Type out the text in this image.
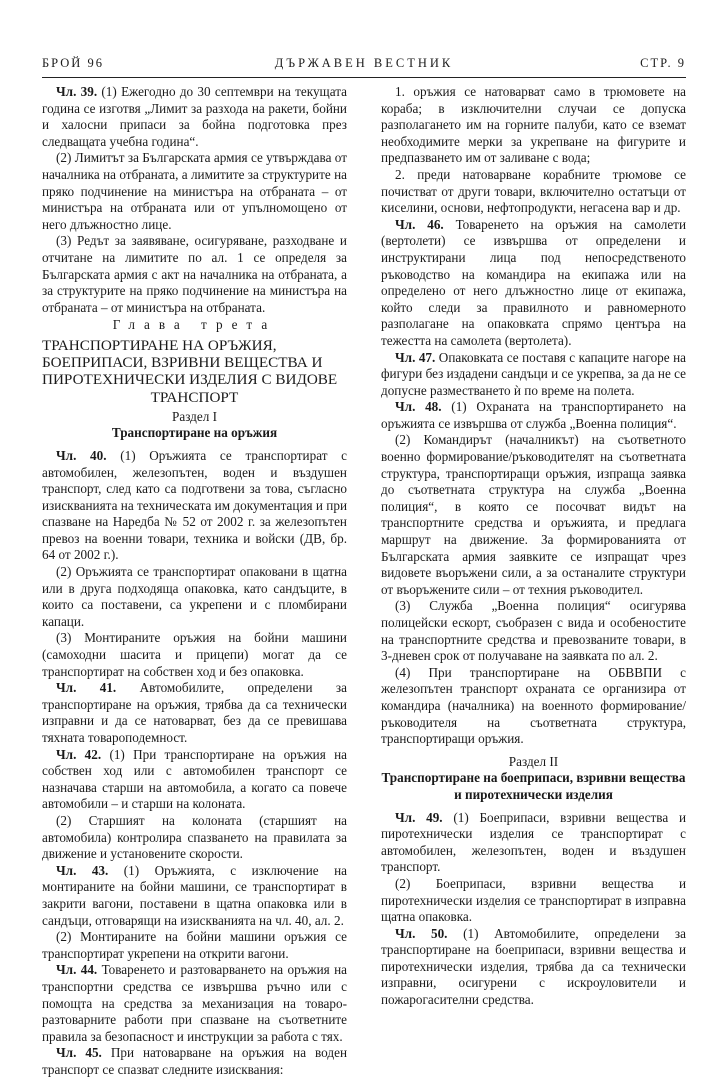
БРОЙ 96	ДЪРЖАВЕН ВЕСТНИК	СТР. 9

Чл. 39. (1) Ежегодно до 30 септември на текущата година се изготвя „Лимит за разхода на ракети, бойни и халосни припаси за бойна подготовка през следващата учебна година“.

(2) Лимитът за Българската армия се утвърждава от началника на отбраната, а лимитите за структурите на пряко подчинение на министъра на отбраната – от министъра на отбраната или от упълномощено от него длъжностно лице.

(3) Редът за заявяване, осигуряване, разходване и отчитане на лимитите по ал. 1 се определя за Българската армия с акт на началника на отбраната, а за структурите на пряко подчинение на министъра на отбраната – от министъра на отбраната.

Глава трета

ТРАНСПОРТИРАНЕ НА ОРЪЖИЯ, БОЕПРИПАСИ, ВЗРИВНИ ВЕЩЕСТВА И ПИРОТЕХНИЧЕСКИ ИЗДЕЛИЯ С ВИДОВЕ
ТРАНСПОРТ

Раздел I

Транспортиране на оръжия

Чл. 40. (1) Оръжията се транспортират с автомобилен, железопътен, воден и въздушен транспорт, след като са подготвени за това, съгласно изискванията на техническата им документация и при спазване на Наредба № 52 от 2002 г. за железопътен превоз на военни товари, техника и войски (ДВ, бр. 64 от 2002 г.).

(2) Оръжията се транспортират опаковани в щатна или в друга подходяща опаковка, като сандъците, в които са поставени, са укрепени и с пломбирани капаци.

(3) Монтираните оръжия на бойни машини (самоходни шасита и прицепи) могат да се транспортират на собствен ход и без опаковка.

Чл. 41. Автомобилите, определени за транспортиране на оръжия, трябва да са технически изправни и да се натоварват, без да се превишава тяхната товароподемност.

Чл. 42. (1) При транспортиране на оръжия на собствен ход или с автомобилен транспорт се назначава старши на автомобила, а когато са повече автомобили – и старши на колоната.

(2) Старшият на колоната (старшият на автомобила) контролира спазването на правилата за движение и установените скорости.

Чл. 43. (1) Оръжията, с изключение на монтираните на бойни машини, се транспортират в закрити вагони, поставени в щатна опаковка или в сандъци, отговарящи на изискванията на чл. 40, ал. 2.

(2) Монтираните на бойни машини оръжия се транспортират укрепени на открити вагони.

Чл. 44. Товаренето и разтоварването на оръжия на транспортни средства се извършва ръчно или с помощта на средства за механизация на товаро-разтоварните работи при спазване на съответните правила за безопасност и инструкции за работа с тях.

Чл. 45. При натоварване на оръжия на воден транспорт се спазват следните изисквания:

1. оръжия се натоварват само в трюмовете на кораба; в изключителни случаи се допуска разполагането им на горните палуби, като се вземат необходимите мерки за укрепване на фигурите и предпазването им от заливане с вода;

2. преди натоварване корабните трюмове се почистват от други товари, включително остатъци от киселини, основи, нефтопродукти, негасена вар и др.

Чл. 46. Товаренето на оръжия на самолети (вертолети) се извършва от определени и инструктирани лица под непосредственото ръководство на командира на екипажа или на определено от него длъжностно лице от екипажа, който следи за правилното и равномерното разполагане на опаковката спрямо центъра на тежестта на самолета (вертолета).

Чл. 47. Опаковката се поставя с капаците нагоре на фигури без издадени сандъци и се укрепва, за да не се допусне разместването ѝ по време на полета.

Чл. 48. (1) Охраната на транспортирането на оръжията се извършва от служба „Военна полиция“.

(2) Командирът (началникът) на съответното военно формирование/ръководителят на съответната структура, транспортиращи оръжия, изпраща заявка до съответната структура на служба „Военна полиция“, в която се посочват видът на транспортните средства и оръжията, и предлага маршрут на движение. За формированията от Българската армия заявките се изпращат чрез видовете въоръжени сили, а за останалите структури от въоръжените сили – от техния ръководител.

(3) Служба „Военна полиция“ осигурява полицейски ескорт, съобразен с вида и особеностите на транспортните средства и превозваните товари, в 3-дневен срок от получаване на заявката по ал. 2.

(4) При транспортиране на ОБВВПИ с железопътен транспорт охраната се организира от командира (началника) на военното формирование/ръководителя на съответната структура, транспортиращи оръжия.

Раздел II

Транспортиране на боеприпаси, взривни вещества и пиротехнически изделия

Чл. 49. (1) Боеприпаси, взривни вещества и пиротехнически изделия се транспортират с автомобилен, железопътен, воден и въздушен транспорт.

(2) Боеприпаси, взривни вещества и пиротехнически изделия се транспортират в изправна щатна опаковка.

Чл. 50. (1) Автомобилите, определени за транспортиране на боеприпаси, взривни вещества и пиротехнически изделия, трябва да са технически изправни, осигурени с искроуловители и пожарогасителни средства.
